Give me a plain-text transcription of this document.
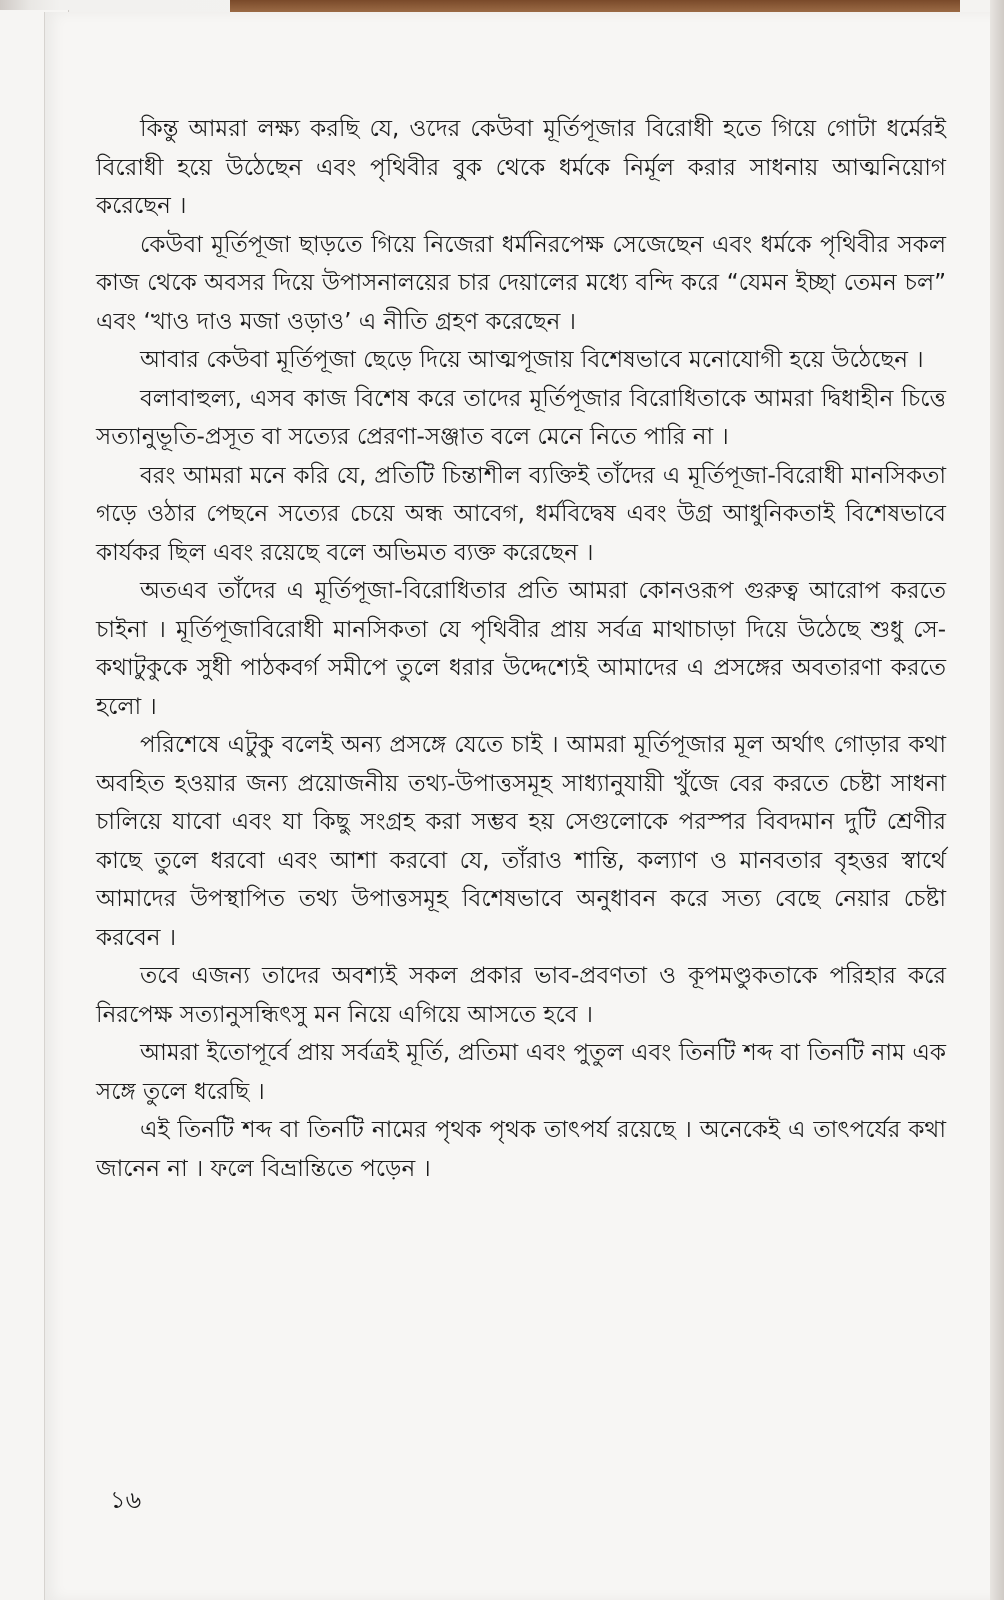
কিন্তু আমরা লক্ষ্য করছি যে, ওদের কেউবা মূর্তিপূজার বিরোধী হতে গিয়ে গোটা ধর্মেরই বিরোধী হয়ে উঠেছেন এবং পৃথিবীর বুক থেকে ধর্মকে নির্মূল করার সাধনায় আত্মনিয়োগ করেছেন ।

কেউবা মূর্তিপূজা ছাড়তে গিয়ে নিজেরা ধর্মনিরপেক্ষ সেজেছেন এবং ধর্মকে পৃথিবীর সকল কাজ থেকে অবসর দিয়ে উপাসনালয়ের চার দেয়ালের মধ্যে বন্দি করে “যেমন ইচ্ছা তেমন চল” এবং ‘খাও দাও মজা ওড়াও’ এ নীতি গ্রহণ করেছেন ।

আবার কেউবা মূর্তিপূজা ছেড়ে দিয়ে আত্মপূজায় বিশেষভাবে মনোযোগী হয়ে উঠেছেন ।

বলাবাহুল্য, এসব কাজ বিশেষ করে তাদের মূর্তিপূজার বিরোধিতাকে আমরা দ্বিধাহীন চিত্তে সত্যানুভূতি-প্রসূত বা সত্যের প্রেরণা-সঞ্জাত বলে মেনে নিতে পারি না ।

বরং আমরা মনে করি যে, প্রতিটি চিন্তাশীল ব্যক্তিই তাঁদের এ মূর্তিপূজা-বিরোধী মানসিকতা গড়ে ওঠার পেছনে সত্যের চেয়ে অন্ধ আবেগ, ধর্মবিদ্বেষ এবং উগ্র আধুনিকতাই বিশেষভাবে কার্যকর ছিল এবং রয়েছে বলে অভিমত ব্যক্ত করেছেন ।

অতএব তাঁদের এ মূর্তিপূজা-বিরোধিতার প্রতি আমরা কোনওরূপ গুরুত্ব আরোপ করতে চাইনা । মূর্তিপূজাবিরোধী মানসিকতা যে পৃথিবীর প্রায় সর্বত্র মাথাচাড়া দিয়ে উঠেছে শুধু সে-কথাটুকুকে সুধী পাঠকবর্গ সমীপে তুলে ধরার উদ্দেশ্যেই আমাদের এ প্রসঙ্গের অবতারণা করতে হলো ।

পরিশেষে এটুকু বলেই অন্য প্রসঙ্গে যেতে চাই । আমরা মূর্তিপূজার মূল অর্থাৎ গোড়ার কথা অবহিত হওয়ার জন্য প্রয়োজনীয় তথ্য-উপাত্তসমূহ সাধ্যানুযায়ী খুঁজে বের করতে চেষ্টা সাধনা চালিয়ে যাবো এবং যা কিছু সংগ্রহ করা সম্ভব হয় সেগুলোকে পরস্পর বিবদমান দুটি শ্রেণীর কাছে তুলে ধরবো এবং আশা করবো যে, তাঁরাও শান্তি, কল্যাণ ও মানবতার বৃহত্তর স্বার্থে আমাদের উপস্থাপিত তথ্য উপাত্তসমূহ বিশেষভাবে অনুধাবন করে সত্য বেছে নেয়ার চেষ্টা করবেন ।

তবে এজন্য তাদের অবশ্যই সকল প্রকার ভাব-প্রবণতা ও কূপমণ্ডুকতাকে পরিহার করে নিরপেক্ষ সত্যানুসন্ধিৎসু মন নিয়ে এগিয়ে আসতে হবে ।

আমরা ইতোপূর্বে প্রায় সর্বত্রই মূর্তি, প্রতিমা এবং পুতুল এবং তিনটি শব্দ বা তিনটি নাম এক সঙ্গে তুলে ধরেছি ।

এই তিনটি শব্দ বা তিনটি নামের পৃথক পৃথক তাৎপর্য রয়েছে । অনেকেই এ তাৎপর্যের কথা জানেন না । ফলে বিভ্রান্তিতে পড়েন ।

১৬
